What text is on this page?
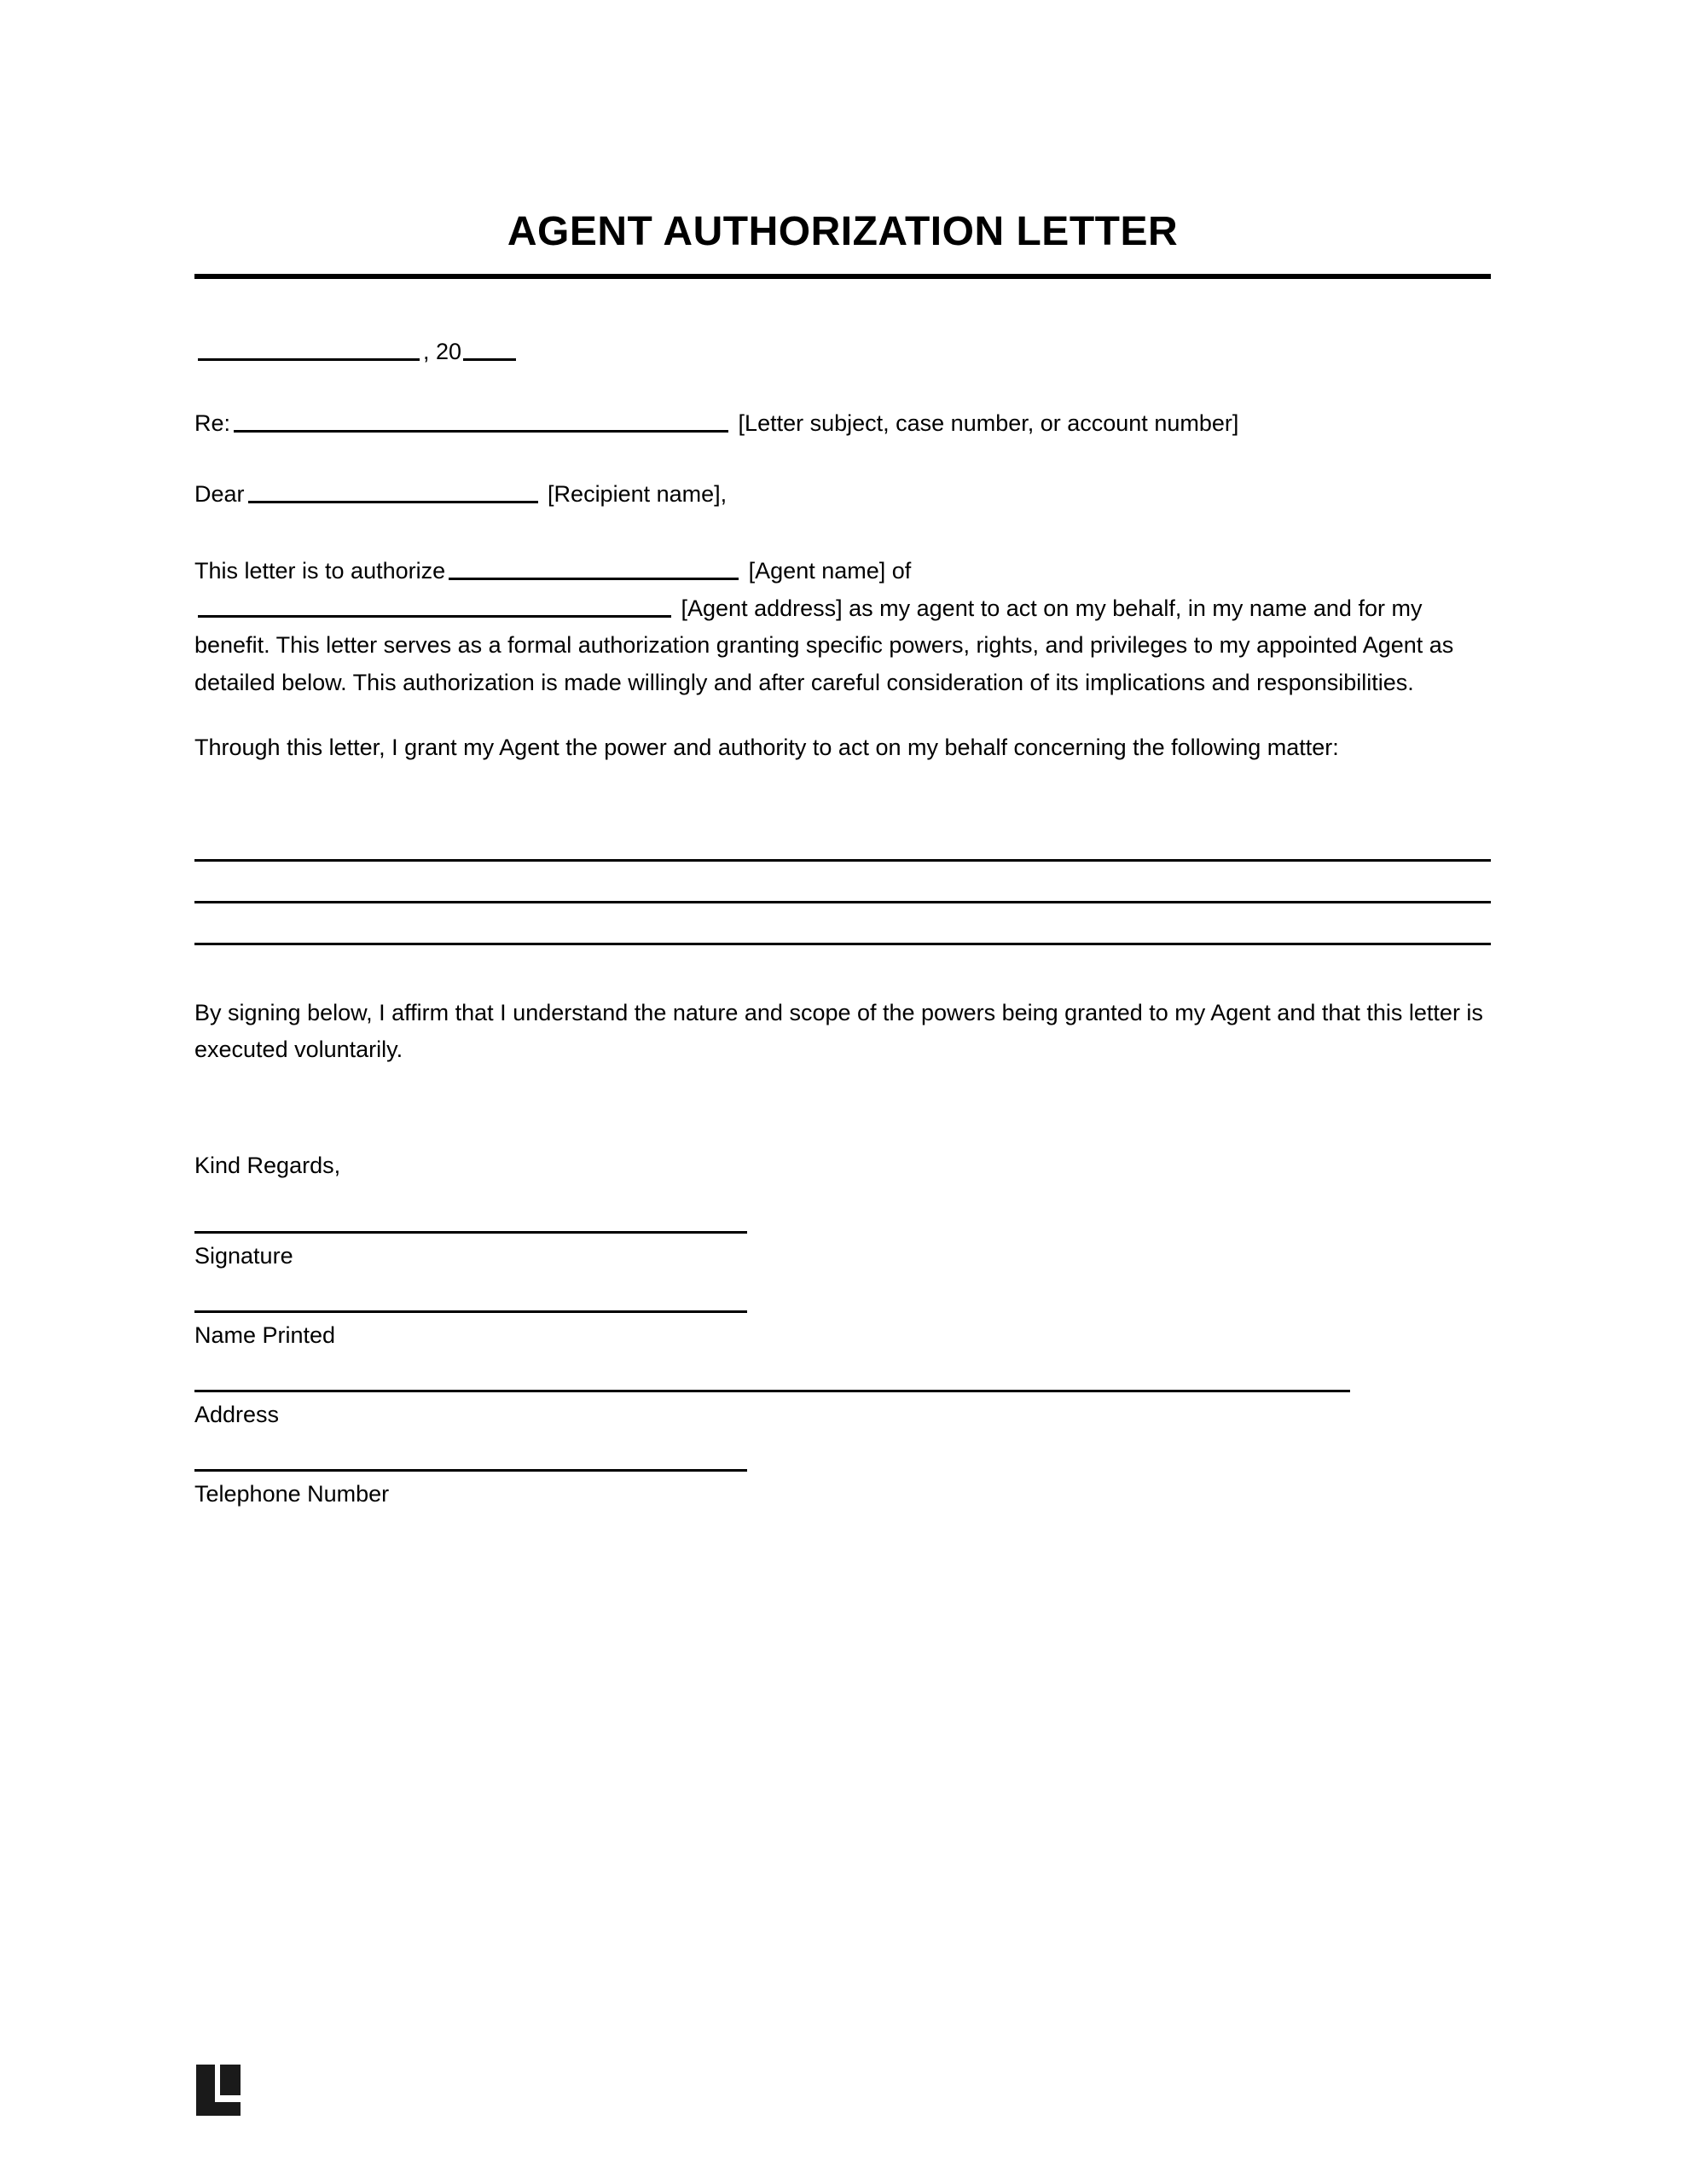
AGENT AUTHORIZATION LETTER
, 20
Re:	[Letter subject, case number, or account number]
Dear	[Recipient name],
This letter is to authorize	[Agent name] of
[Agent address] as my agent to act on my behalf, in my name and for my benefit. This letter serves as a formal authorization granting specific powers, rights, and privileges to my appointed Agent as detailed below. This authorization is made willingly and after careful consideration of its implications and responsibilities.
Through this letter, I grant my Agent the power and authority to act on my behalf concerning the following matter:
By signing below, I affirm that I understand the nature and scope of the powers being granted to my Agent and that this letter is executed voluntarily.
Kind Regards,
Signature
Name Printed
Address
Telephone Number
